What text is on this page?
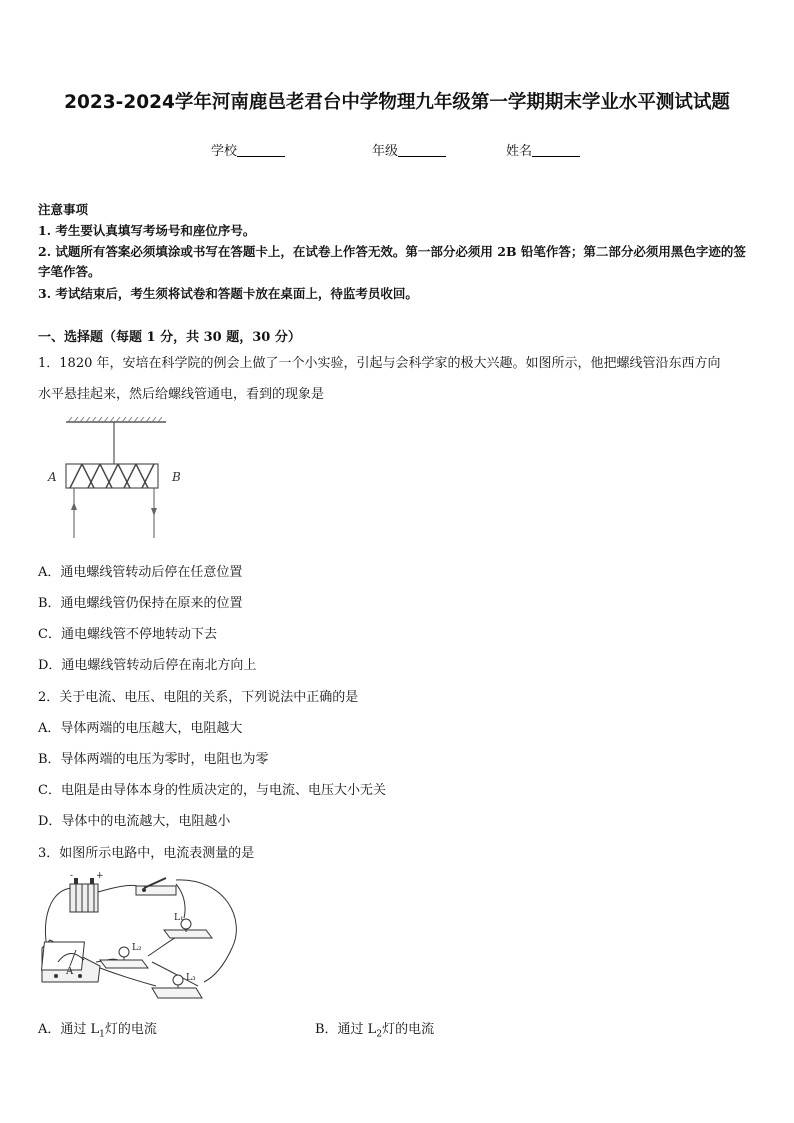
2023-2024学年河南鹿邑老君台中学物理九年级第一学期期末学业水平测试试题
学校	年级	姓名
注意事项
1. 考生要认真填写考场号和座位序号。
2. 试题所有答案必须填涂或书写在答题卡上，在试卷上作答无效。第一部分必须用 2B 铅笔作答；第二部分必须用黑色字迹的签字笔作答。
3. 考试结束后，考生须将试卷和答题卡放在桌面上，待监考员收回。
一、选择题（每题 1 分，共 30 题，30 分）
1．1820 年，安培在科学院的例会上做了一个小实验，引起与会科学家的极大兴趣。如图所示，他把螺线管沿东西方向
水平悬挂起来，然后给螺线管通电，看到的现象是
A	B
A．通电螺线管转动后停在任意位置
B．通电螺线管仍保持在原来的位置
C．通电螺线管不停地转动下去
D．通电螺线管转动后停在南北方向上
2．关于电流、电压、电阻的关系，下列说法中正确的是
A．导体两端的电压越大，电阻越大
B．导体两端的电压为零时，电阻也为零
C．电阻是由导体本身的性质决定的，与电流、电压大小无关
D．导体中的电流越大，电阻越小
3．如图所示电路中，电流表测量的是
-	+
L₁
L₂
L₃
A
A．通过 $L_1$灯的电流	B．通过 $L_2$灯的电流
